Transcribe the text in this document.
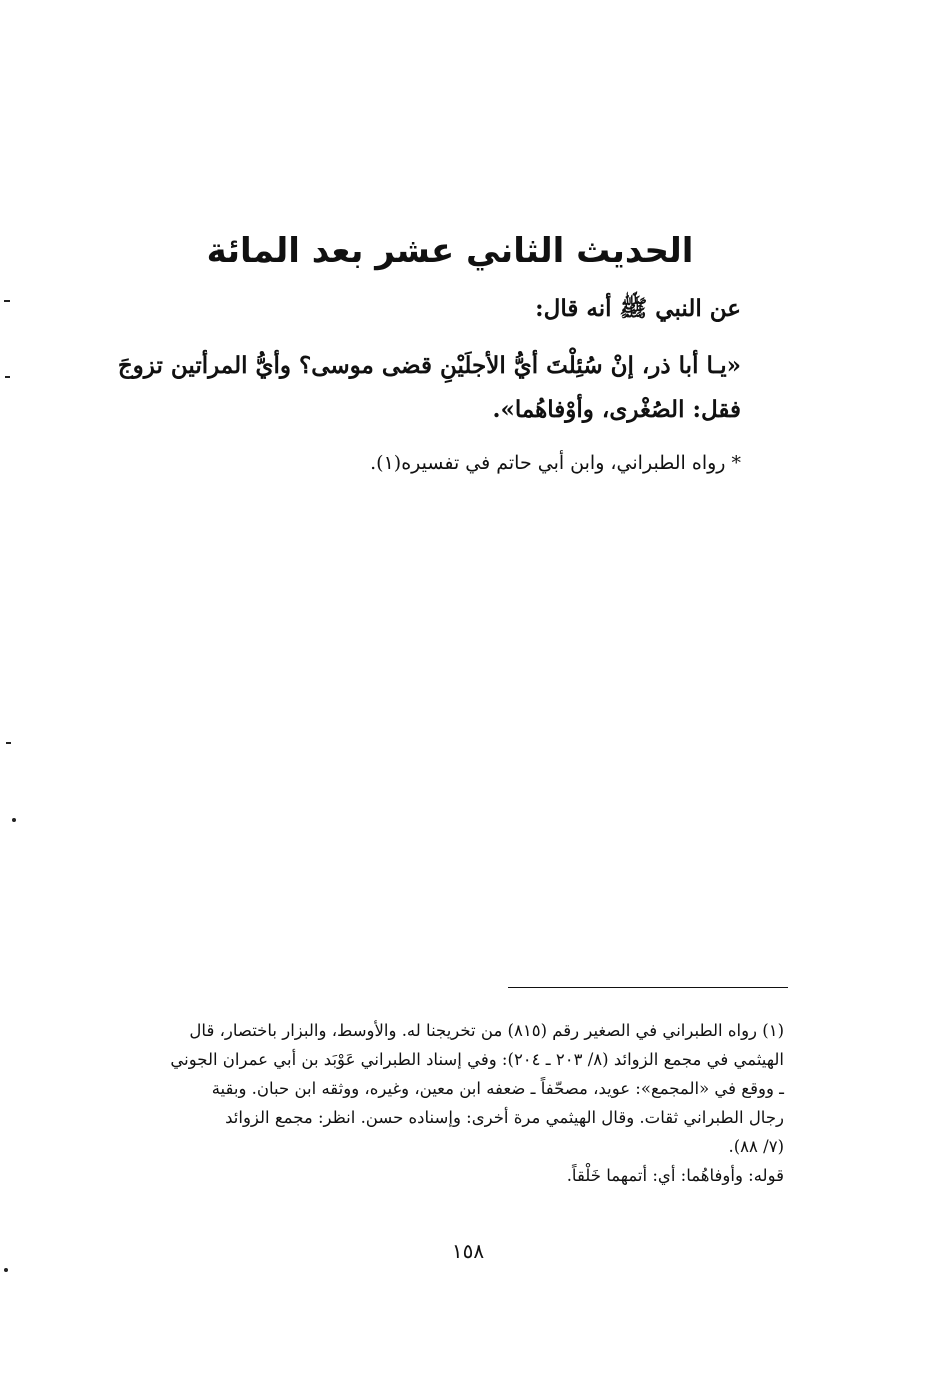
الحديث الثاني عشر بعد المائة
عن النبي ﷺ أنه قال:
«يـا أبا ذر، إنْ سُئِلْتَ أيُّ الأجلَيْنِ قضى موسى؟ وأيُّ المرأتين تزوجَ
فقل: الصُغْرى، وأوْفاهُما».
* رواه الطبراني، وابن أبي حاتم في تفسيره(١).
(١) رواه الطبراني في الصغير رقم (٨١٥) من تخريجنا له. والأوسط، والبزار باختصار، قال
الهيثمي في مجمع الزوائد (٨/ ٢٠٣ ـ ٢٠٤): وفي إسناد الطبراني عَوْبَد بن أبي عمران الجوني
ـ ووقع في «المجمع»: عويد، مصحّفاً ـ ضعفه ابن معين، وغيره، ووثقه ابن حبان. وبقية
رجال الطبراني ثقات. وقال الهيثمي مرة أخرى: وإسناده حسن. انظر: مجمع الزوائد
(٧/ ٨٨).
قوله: وأوفاهُما: أي: أتمهما خَلْقاً.
١٥٨
